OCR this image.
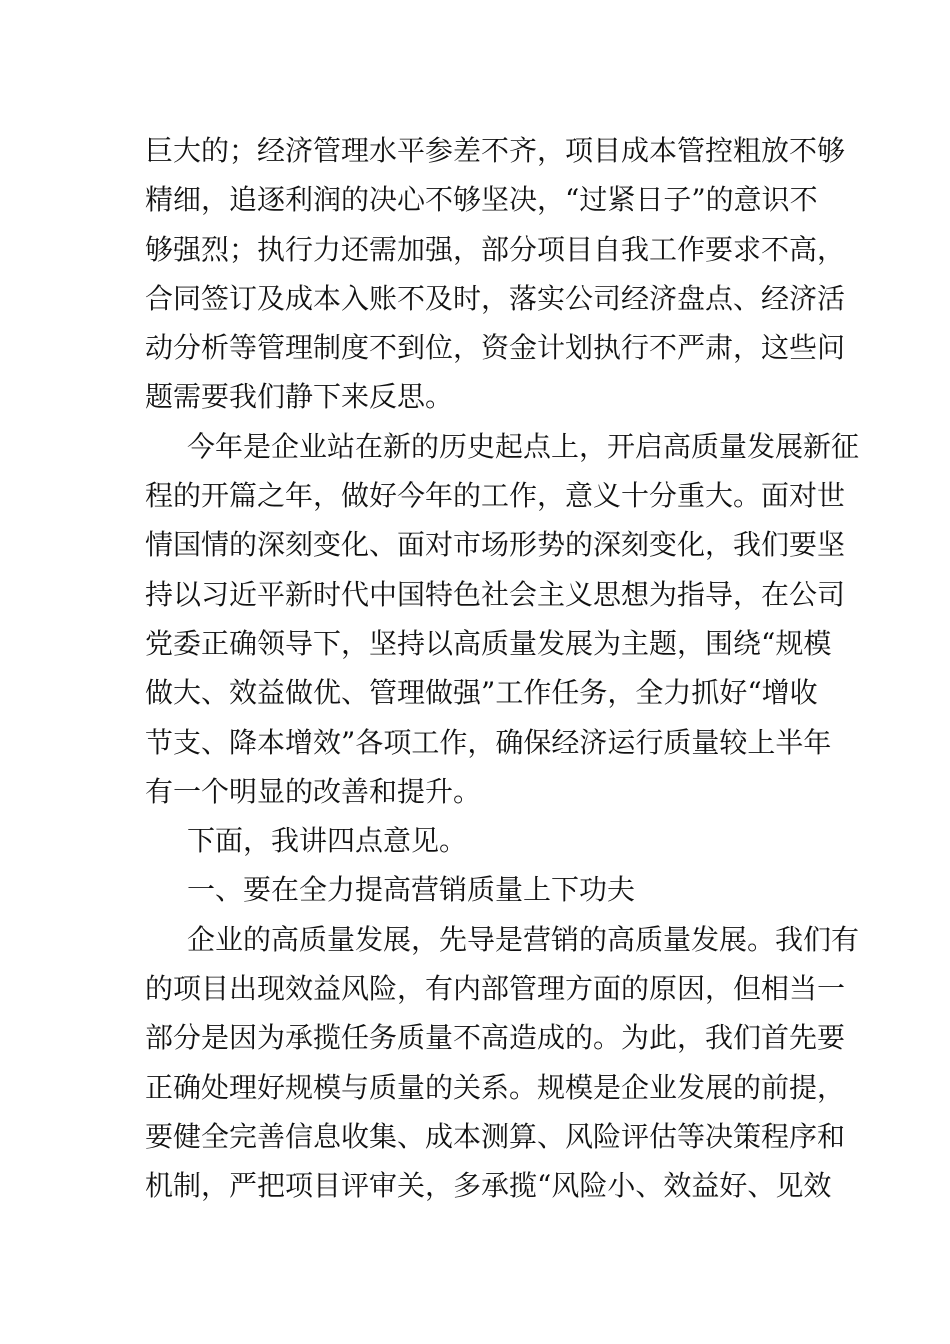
巨大的；经济管理水平参差不齐，项目成本管控粗放不够
精细，追逐利润的决心不够坚决，“过紧日子”的意识不
够强烈；执行力还需加强，部分项目自我工作要求不高，
合同签订及成本入账不及时，落实公司经济盘点、经济活
动分析等管理制度不到位，资金计划执行不严肃，这些问
题需要我们静下来反思。
今年是企业站在新的历史起点上，开启高质量发展新征
程的开篇之年，做好今年的工作，意义十分重大。面对世
情国情的深刻变化、面对市场形势的深刻变化，我们要坚
持以习近平新时代中国特色社会主义思想为指导，在公司
党委正确领导下，坚持以高质量发展为主题，围绕“规模
做大、效益做优、管理做强”工作任务，全力抓好“增收
节支、降本增效”各项工作，确保经济运行质量较上半年
有一个明显的改善和提升。
下面，我讲四点意见。
一、要在全力提高营销质量上下功夫
企业的高质量发展，先导是营销的高质量发展。我们有
的项目出现效益风险，有内部管理方面的原因，但相当一
部分是因为承揽任务质量不高造成的。为此，我们首先要
正确处理好规模与质量的关系。规模是企业发展的前提，
要健全完善信息收集、成本测算、风险评估等决策程序和
机制，严把项目评审关，多承揽“风险小、效益好、见效
